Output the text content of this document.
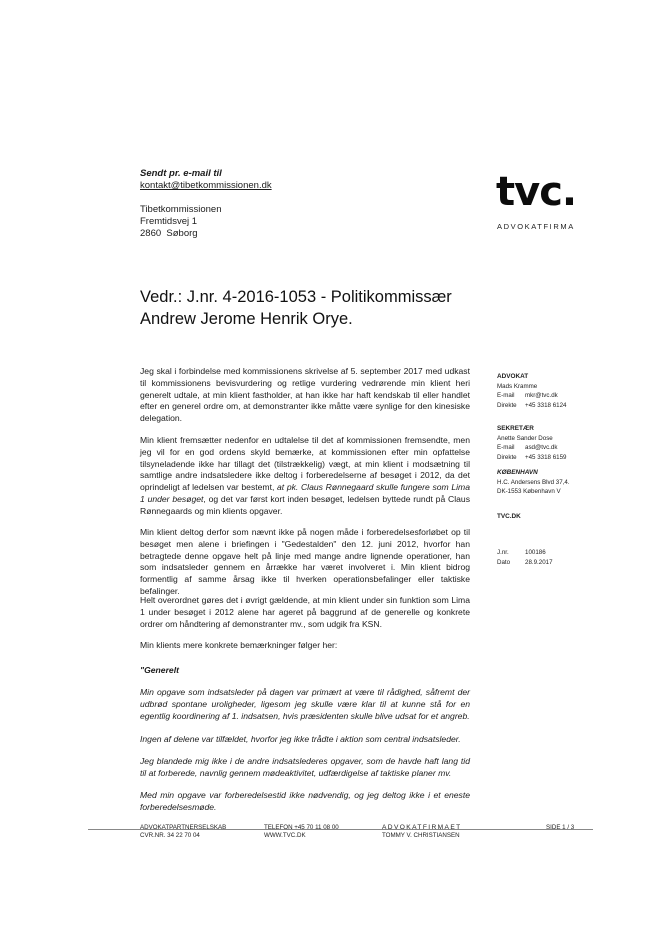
Sendt pr. e-mail til
kontakt@tibetkommissionen.dk
Tibetkommissionen
Fremtidsvej 1
2860  Søborg
tvc.
ADVOKATFIRMA
Vedr.: J.nr. 4-2016-1053 - Politikommissær Andrew Jerome Henrik Orye.

Jeg skal i forbindelse med kommissionens skrivelse af 5. september 2017 med udkast til kommissionens bevisvurdering og retlige vurdering vedrørende min klient heri generelt udtale, at min klient fastholder, at han ikke har haft kendskab til eller handlet efter en generel ordre om, at demonstranter ikke måtte være synlige for den kinesiske delegation.

Min klient fremsætter nedenfor en udtalelse til det af kommissionen fremsendte, men jeg vil for en god ordens skyld bemærke, at kommissionen efter min opfattelse tilsyneladende ikke har tillagt det (tilstrækkelig) vægt, at min klient i modsætning til samtlige andre indsatsledere ikke deltog i forberedelserne af besøget i 2012, da det oprindeligt af ledelsen var bestemt, at pk. Claus Rønnegaard skulle fungere som Lima 1 under besøget, og det var først kort inden besøget, ledelsen byttede rundt på Claus Rønnegaards og min klients opgaver.

Min klient deltog derfor som nævnt ikke på nogen måde i forberedelsesforløbet op til besøget men alene i briefingen i "Gedestalden" den 12. juni 2012, hvorfor han betragtede denne opgave helt på linje med mange andre lignende operationer, han som indsatsleder gennem en årrække har været involveret i. Min klient bidrog formentlig af samme årsag ikke til hverken operationsbefalinger eller taktiske befalinger.

Helt overordnet gøres det i øvrigt gældende, at min klient under sin funktion som Lima 1 under besøget i 2012 alene har ageret på baggrund af de generelle og konkrete ordrer om håndtering af demonstranter mv., som udgik fra KSN.

Min klients mere konkrete bemærkninger følger her:

"Generelt
Min opgave som indsatsleder på dagen var primært at være til rådighed, såfremt der udbrød spontane uroligheder, ligesom jeg skulle være klar til at kunne stå for en egentlig koordinering af 1. indsatsen, hvis præsidenten skulle blive udsat for et angreb.
Ingen af delene var tilfældet, hvorfor jeg ikke trådte i aktion som central indsatsleder.
Jeg blandede mig ikke i de andre indsatslederes opgaver, som de havde haft lang tid til at forberede, navnlig gennem mødeaktivitet, udfærdigelse af taktiske planer mv.
Med min opgave var forberedelsestid ikke nødvendig, og jeg deltog ikke i et eneste forberedelsesmøde.
ADVOKAT
Mads Kramme
E-mail	mkr@tvc.dk
Direkte	+45 3318 6124
SEKRETÆR
Anette Sander Dose
E-mail	asd@tvc.dk
Direkte	+45 3318 6159
KØBENHAVN
H.C. Andersens Blvd 37,4.
DK-1553 København V
TVC.DK
J.nr.	100186
Dato	28.9.2017
ADVOKATPARTNERSELSKAB
CVR.NR. 34 22 70 04
TELEFON +45 70 11 08 00
WWW.TVC.DK
ADVOKATFIRMAET
TOMMY V. CHRISTIANSEN
SIDE 1 / 3
